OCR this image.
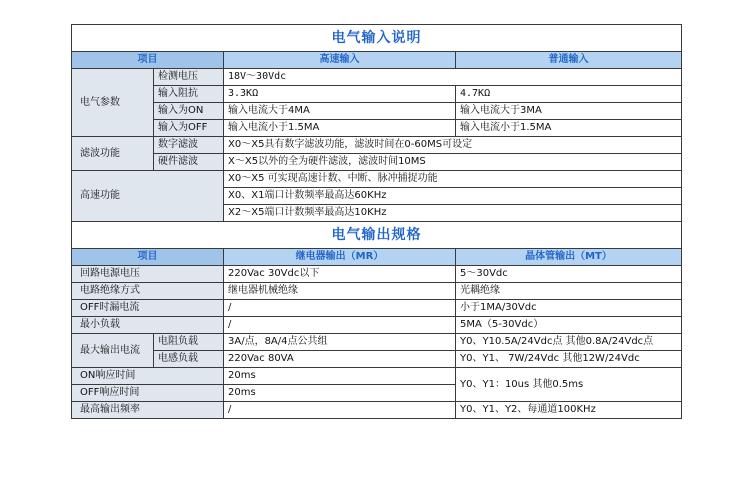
电气输入说明			
项目		高速输入	普通输入
电气参数	检测电压	18V～30Vdc	
	输入阻抗	3.3KΩ	4.7KΩ
	输入为ON	输入电流大于4MA	输入电流大于3MA
	输入为OFF	输入电流小于1.5MA	输入电流小于1.5MA
滤波功能	数字滤波	X0～X5具有数字滤波功能，滤波时间在0-60MS可设定	
	硬件滤波	X～X5以外的全为硬件滤波，滤波时间10MS	
高速功能		X0～X5 可实现高速计数、中断、脉冲捕捉功能	
		X0、X1端口计数频率最高达60KHz	
		X2～X5端口计数频率最高达10KHz	
电气输出规格			
项目		继电器输出（MR）	晶体管输出（MT）
回路电源电压		220Vac 30Vdc以下	5～30Vdc
电路绝缘方式		继电器机械绝缘	光耦绝缘
OFF时漏电流		/	小于1MA/30Vdc
最小负载		/	5MA（5-30Vdc）
最大输出电流	电阻负载	3A/点，8A/4点公共组	Y0、Y10.5A/24Vdc点 其他0.8A/24Vdc点
	电感负载	220Vac 80VA	Y0、Y1、 7W/24Vdc 其他12W/24Vdc
ON响应时间		20ms	Y0、Y1：10us 其他0.5ms
OFF响应时间		20ms	
最高输出频率		/	Y0、Y1、Y2、每通道100KHz
